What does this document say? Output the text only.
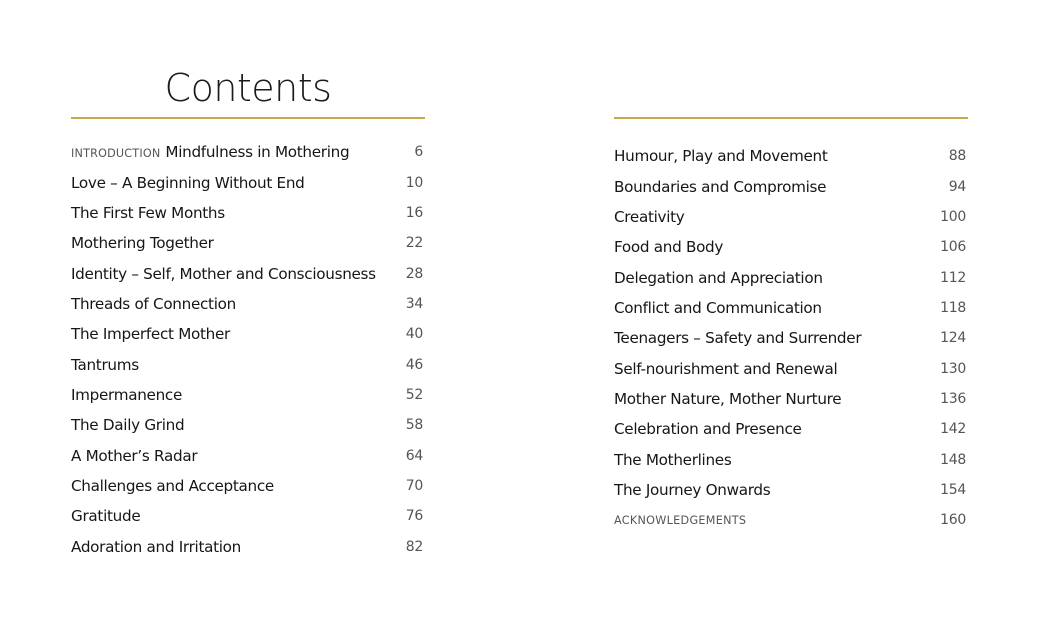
Contents
INTRODUCTION Mindfulness in Mothering	6
Love – A Beginning Without End	10
The First Few Months	16
Mothering Together	22
Identity – Self, Mother and Consciousness 28
Threads of Connection	34
The Imperfect Mother	40
Tantrums	46
Impermanence	52
The Daily Grind	58
A Mother’s Radar	64
Challenges and Acceptance	70
Gratitude	76
Adoration and Irritation	82
Humour, Play and Movement	88
Boundaries and Compromise	94
Creativity	100
Food and Body	106
Delegation and Appreciation	112
Conflict and Communication	118
Teenagers – Safety and Surrender	124
Self-nourishment and Renewal	130
Mother Nature, Mother Nurture	136
Celebration and Presence	142
The Motherlines	148
The Journey Onwards	154
ACKNOWLEDGEMENTS	160
